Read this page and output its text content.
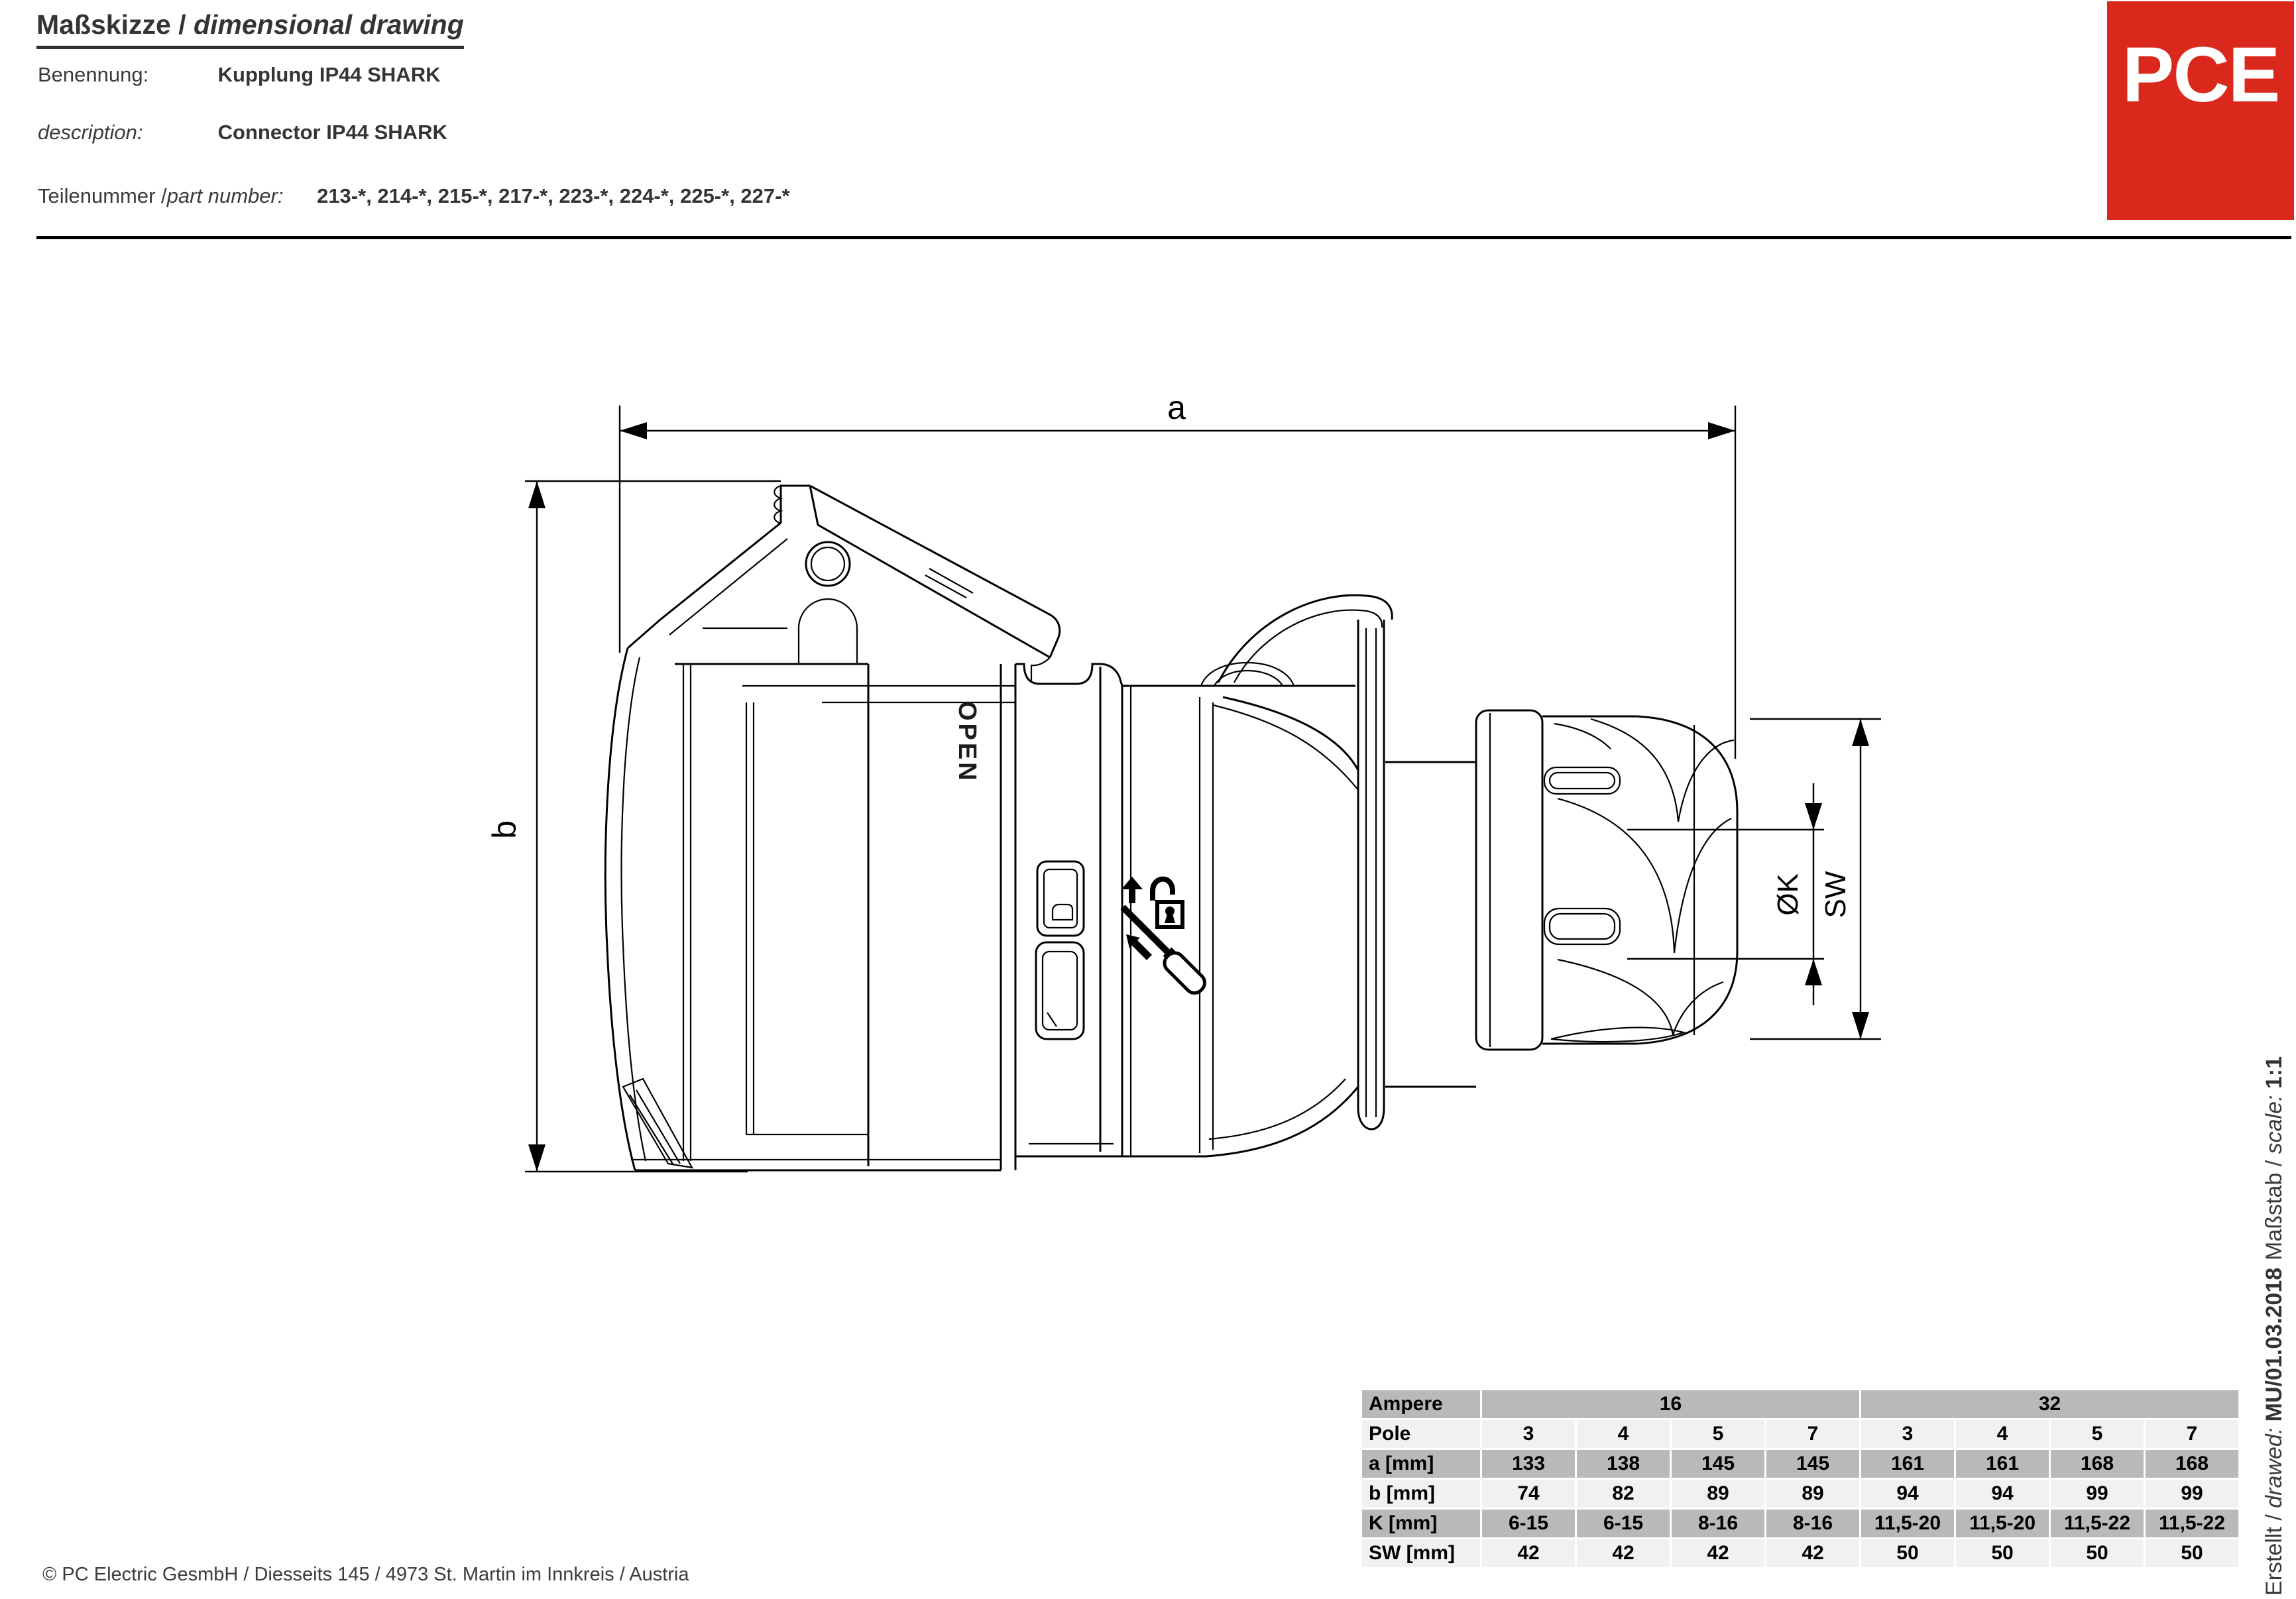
Maßskizze / dimensional drawing
Benennung:	Kupplung IP44 SHARK
description:	Connector IP44 SHARK
Teilenummer /part number: 213-*, 214-*, 215-*, 217-*, 223-*, 224-*, 225-*, 227-*
PCE
a
b
ØK SW
OPEN
Ampere	16				32			
Pole	3	4	5	7	3	4	5	7
a [mm]	133	138	145	145	161	161	168	168
b [mm]	74	82	89	89	94	94	99	99
K [mm]	6-15	6-15	8-16	8-16	11,5-20	11,5-20	11,5-22	11,5-22
SW [mm]	42	42	42	42	50	50	50	50
© PC Electric GesmbH / Diesseits 145 / 4973 St. Martin im Innkreis / Austria	Erstellt / drawed: MU/01.03.2018
Maßstab / scale: 1:1
